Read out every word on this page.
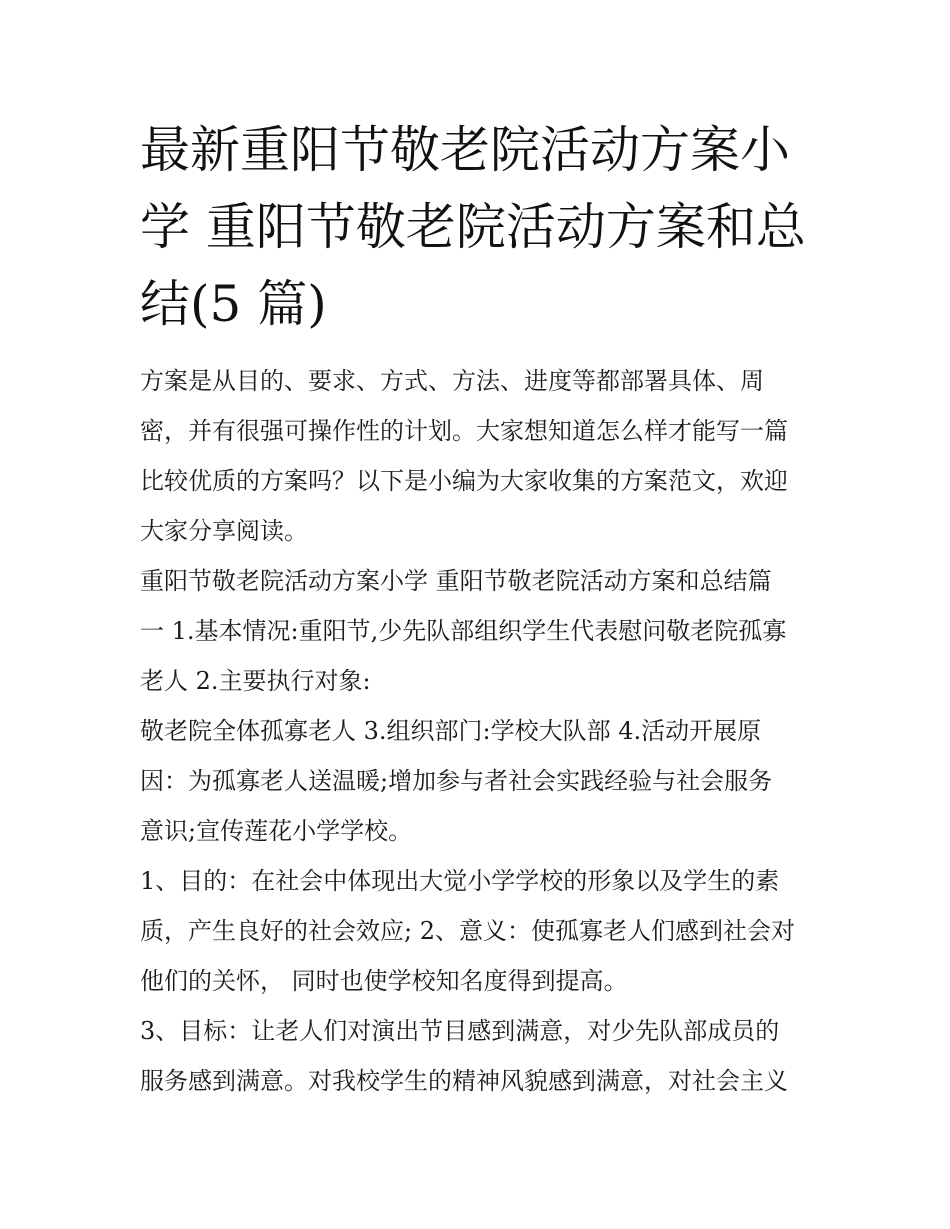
最新重阳节敬老院活动方案小
学 重阳节敬老院活动方案和总
结(5 篇)

方案是从目的、要求、方式、方法、进度等都部署具体、周
密，并有很强可操作性的计划。大家想知道怎么样才能写一篇
比较优质的方案吗？以下是小编为大家收集的方案范文，欢迎
大家分享阅读。

重阳节敬老院活动方案小学 重阳节敬老院活动方案和总结篇
一 1.基本情况:重阳节,少先队部组织学生代表慰问敬老院孤寡
老人 2.主要执行对象:

敬老院全体孤寡老人 3.组织部门:学校大队部 4.活动开展原
因：为孤寡老人送温暖;增加参与者社会实践经验与社会服务
意识;宣传莲花小学学校。

1、目的：在社会中体现出大觉小学学校的形象以及学生的素
质，产生良好的社会效应; 2、意义：使孤寡老人们感到社会对
他们的关怀， 同时也使学校知名度得到提高。

3、目标：让老人们对演出节目感到满意，对少先队部成员的
服务感到满意。对我校学生的精神风貌感到满意，对社会主义
